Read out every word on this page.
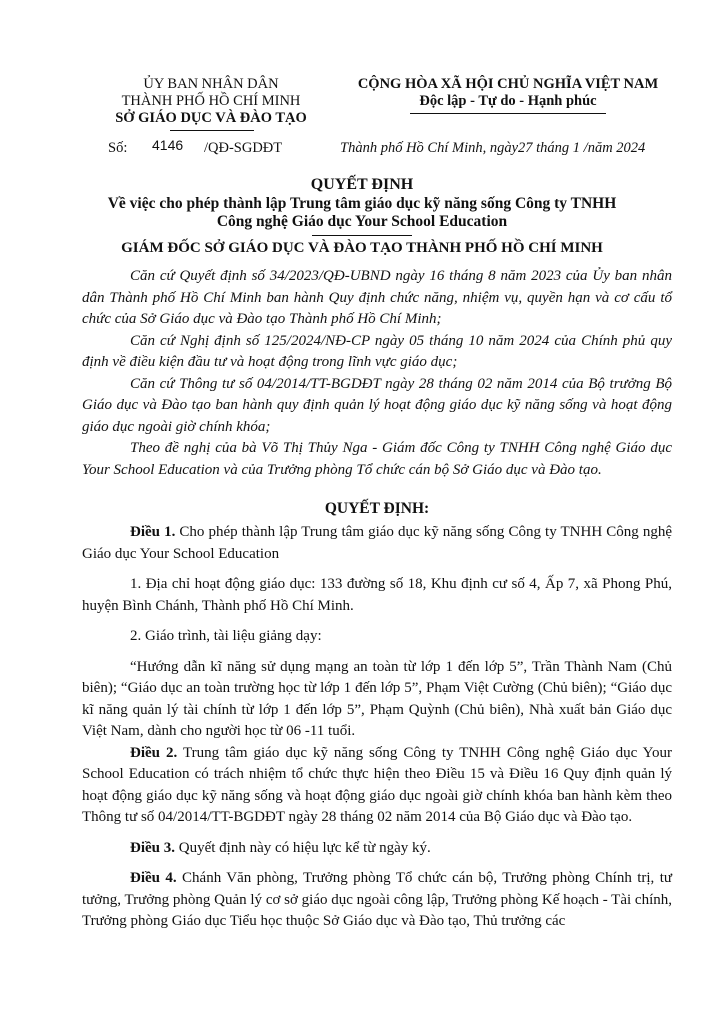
ỦY BAN NHÂN DÂN
THÀNH PHỐ HỒ CHÍ MINH
SỞ GIÁO DỤC VÀ ĐÀO TẠO
CỘNG HÒA XÃ HỘI CHỦ NGHĨA VIỆT NAM
Độc lập - Tự do - Hạnh phúc
Số: 4146 /QĐ-SGDĐT	Thành phố Hồ Chí Minh, ngày27 tháng 1 /năm 2024
QUYẾT ĐỊNH
Về việc cho phép thành lập Trung tâm giáo dục kỹ năng sống Công ty TNHH
Công nghệ Giáo dục Your School Education
GIÁM ĐỐC SỞ GIÁO DỤC VÀ ĐÀO TẠO THÀNH PHỐ HỒ CHÍ MINH

Căn cứ Quyết định số 34/2023/QĐ-UBND ngày 16 tháng 8 năm 2023 của Ủy ban nhân dân Thành phố Hồ Chí Minh ban hành Quy định chức năng, nhiệm vụ, quyền hạn và cơ cấu tổ chức của Sở Giáo dục và Đào tạo Thành phố Hồ Chí Minh;

Căn cứ Nghị định số 125/2024/NĐ-CP ngày 05 tháng 10 năm 2024 của Chính phủ quy định về điều kiện đầu tư và hoạt động trong lĩnh vực giáo dục;

Căn cứ Thông tư số 04/2014/TT-BGDĐT ngày 28 tháng 02 năm 2014 của Bộ trưởng Bộ Giáo dục và Đào tạo ban hành quy định quản lý hoạt động giáo dục kỹ năng sống và hoạt động giáo dục ngoài giờ chính khóa;

Theo đề nghị của bà Võ Thị Thủy Nga - Giám đốc Công ty TNHH Công nghệ Giáo dục Your School Education và của Trưởng phòng Tổ chức cán bộ Sở Giáo dục và Đào tạo.

QUYẾT ĐỊNH:

Điều 1. Cho phép thành lập Trung tâm giáo dục kỹ năng sống Công ty TNHH Công nghệ Giáo dục Your School Education

1. Địa chỉ hoạt động giáo dục: 133 đường số 18, Khu định cư số 4, Ấp 7, xã Phong Phú, huyện Bình Chánh, Thành phố Hồ Chí Minh.

2. Giáo trình, tài liệu giảng dạy:

“Hướng dẫn kĩ năng sử dụng mạng an toàn từ lớp 1 đến lớp 5”, Trần Thành Nam (Chủ biên); “Giáo dục an toàn trường học từ lớp 1 đến lớp 5”, Phạm Việt Cường (Chủ biên); “Giáo dục kĩ năng quản lý tài chính từ lớp 1 đến lớp 5”, Phạm Quỳnh (Chủ biên), Nhà xuất bản Giáo dục Việt Nam, dành cho người học từ 06 -11 tuổi.

Điều 2. Trung tâm giáo dục kỹ năng sống Công ty TNHH Công nghệ Giáo dục Your School Education có trách nhiệm tổ chức thực hiện theo Điều 15 và Điều 16 Quy định quản lý hoạt động giáo dục kỹ năng sống và hoạt động giáo dục ngoài giờ chính khóa ban hành kèm theo Thông tư số 04/2014/TT-BGDĐT ngày 28 tháng 02 năm 2014 của Bộ Giáo dục và Đào tạo.

Điều 3. Quyết định này có hiệu lực kể từ ngày ký.

Điều 4. Chánh Văn phòng, Trưởng phòng Tổ chức cán bộ, Trưởng phòng Chính trị, tư tưởng, Trưởng phòng Quản lý cơ sở giáo dục ngoài công lập, Trưởng phòng Kế hoạch - Tài chính, Trưởng phòng Giáo dục Tiểu học thuộc Sở Giáo dục và Đào tạo, Thủ trưởng các
